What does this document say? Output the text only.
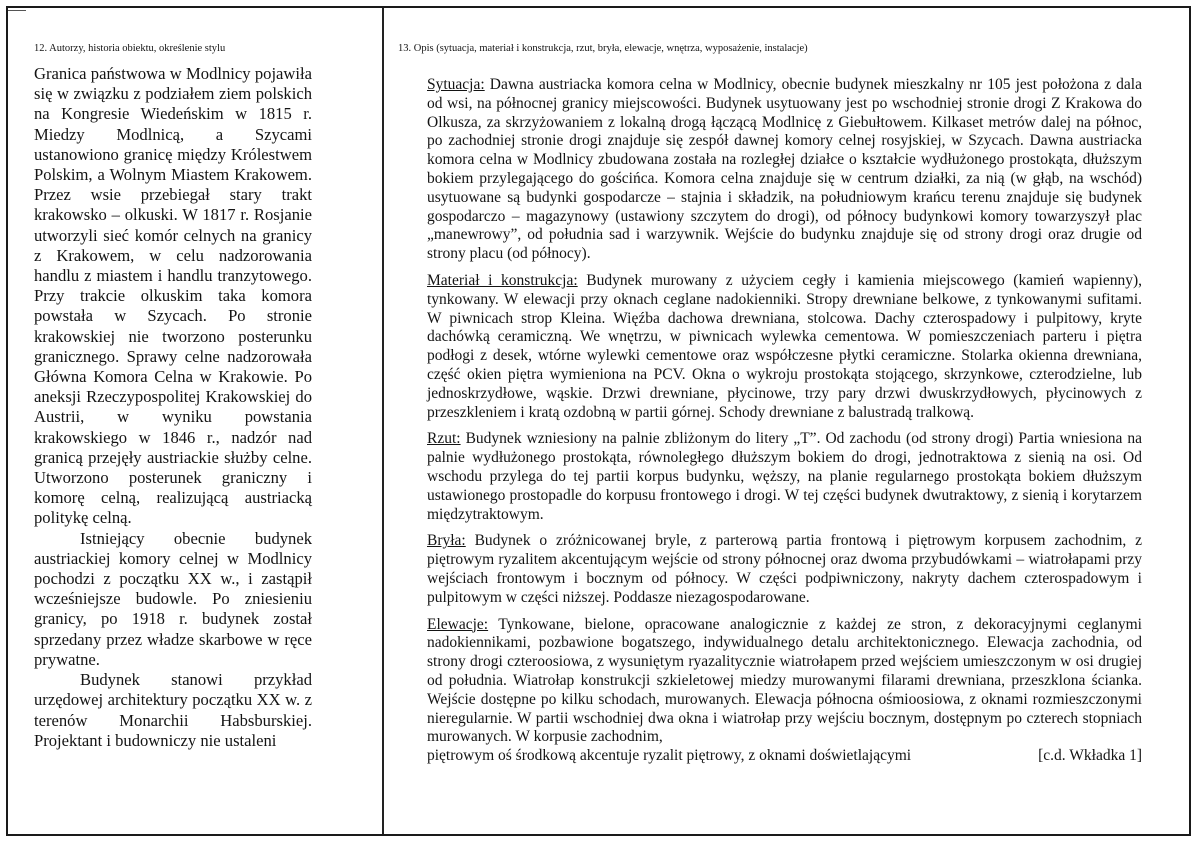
12. Autorzy, historia obiektu, określenie stylu	13. Opis (sytuacja, materiał i konstrukcja, rzut, bryła, elewacje, wnętrza, wyposażenie, instalacje)

Granica państwowa w Modlnicy pojawiła się w związku z podziałem ziem polskich na Kongresie Wiedeńskim w 1815 r. Miedzy Modlnicą, a Szycami ustanowiono granicę między Królestwem Polskim, a Wolnym Miastem Krakowem. Przez wsie przebiegał stary trakt krakowsko – olkuski. W 1817 r. Rosjanie utworzyli sieć komór celnych na granicy z Krakowem, w celu nadzorowania handlu z miastem i handlu tranzytowego. Przy trakcie olkuskim taka komora powstała w Szycach. Po stronie krakowskiej nie tworzono posterunku granicznego. Sprawy celne nadzorowała Główna Komora Celna w Krakowie. Po aneksji Rzeczypospolitej Krakowskiej do Austrii, w wyniku powstania krakowskiego w 1846 r., nadzór nad granicą przejęły austriackie służby celne. Utworzono posterunek graniczny i komorę celną, realizującą austriacką politykę celną.

Istniejący obecnie budynek austriackiej komory celnej w Modlnicy pochodzi z początku XX w., i zastąpił wcześniejsze budowle. Po zniesieniu granicy, po 1918 r. budynek został sprzedany przez władze skarbowe w ręce prywatne.

Budynek stanowi przykład urzędowej architektury początku XX w. z terenów Monarchii Habsburskiej. Projektant i budowniczy nie ustaleni

Sytuacja: Dawna austriacka komora celna w Modlnicy, obecnie budynek mieszkalny nr 105 jest położona z dala od wsi, na północnej granicy miejscowości. Budynek usytuowany jest po wschodniej stronie drogi Z Krakowa do Olkusza, za skrzyżowaniem z lokalną drogą łączącą Modlnicę z Giebułtowem. Kilkaset metrów dalej na północ, po zachodniej stronie drogi znajduje się zespół dawnej komory celnej rosyjskiej, w Szycach. Dawna austriacka komora celna w Modlnicy zbudowana została na rozległej działce o kształcie wydłużonego prostokąta, dłuższym bokiem przylegającego do gościńca. Komora celna znajduje się w centrum działki, za nią (w głąb, na wschód) usytuowane są budynki gospodarcze – stajnia i składzik, na południowym krańcu terenu znajduje się budynek gospodarczo – magazynowy (ustawiony szczytem do drogi), od północy budynkowi komory towarzyszył plac „manewrowy”, od południa sad i warzywnik. Wejście do budynku znajduje się od strony drogi oraz drugie od strony placu (od północy).

Materiał i konstrukcja: Budynek murowany z użyciem cegły i kamienia miejscowego (kamień wapienny), tynkowany. W elewacji przy oknach ceglane nadokienniki. Stropy drewniane belkowe, z tynkowanymi sufitami. W piwnicach strop Kleina. Więźba dachowa drewniana, stolcowa. Dachy czterospadowy i pulpitowy, kryte dachówką ceramiczną. We wnętrzu, w piwnicach wylewka cementowa. W pomieszczeniach parteru i piętra podłogi z desek, wtórne wylewki cementowe oraz współczesne płytki ceramiczne. Stolarka okienna drewniana, część okien piętra wymieniona na PCV. Okna o wykroju prostokąta stojącego, skrzynkowe, czterodzielne, lub jednoskrzydłowe, wąskie. Drzwi drewniane, płycinowe, trzy pary drzwi dwuskrzydłowych, płycinowych z przeszkleniem i kratą ozdobną w partii górnej. Schody drewniane z balustradą tralkową.

Rzut: Budynek wzniesiony na palnie zbliżonym do litery „T”. Od zachodu (od strony drogi) Partia wniesiona na palnie wydłużonego prostokąta, równoległego dłuższym bokiem do drogi, jednotraktowa z sienią na osi. Od wschodu przylega do tej partii korpus budynku, węższy, na planie regularnego prostokąta bokiem dłuższym ustawionego prostopadle do korpusu frontowego i drogi. W tej części budynek dwutraktowy, z sienią i korytarzem międzytraktowym.

Bryła: Budynek o zróżnicowanej bryle, z parterową partia frontową i piętrowym korpusem zachodnim, z piętrowym ryzalitem akcentującym wejście od strony północnej oraz dwoma przybudówkami – wiatrołapami przy wejściach frontowym i bocznym od północy. W części podpiwniczony, nakryty dachem czterospadowym i pulpitowym w części niższej. Poddasze niezagospodarowane.

Elewacje: Tynkowane, bielone, opracowane analogicznie z każdej ze stron, z dekoracyjnymi ceglanymi nadokiennikami, pozbawione bogatszego, indywidualnego detalu architektonicznego. Elewacja zachodnia, od strony drogi czteroosiowa, z wysuniętym ryazalitycznie wiatrołapem przed wejściem umieszczonym w osi drugiej od południa. Wiatrołap konstrukcji szkieletowej miedzy murowanymi filarami drewniana, przeszklona ścianka. Wejście dostępne po kilku schodach, murowanych. Elewacja północna ośmioosiowa, z oknami rozmieszczonymi nieregularnie. W partii wschodniej dwa okna i wiatrołap przy wejściu bocznym, dostępnym po czterech stopniach murowanych. W korpusie zachodnim,
piętrowym oś środkową akcentuje ryzalit piętrowy, z oknami doświetlającymi	[c.d. Wkładka 1]
